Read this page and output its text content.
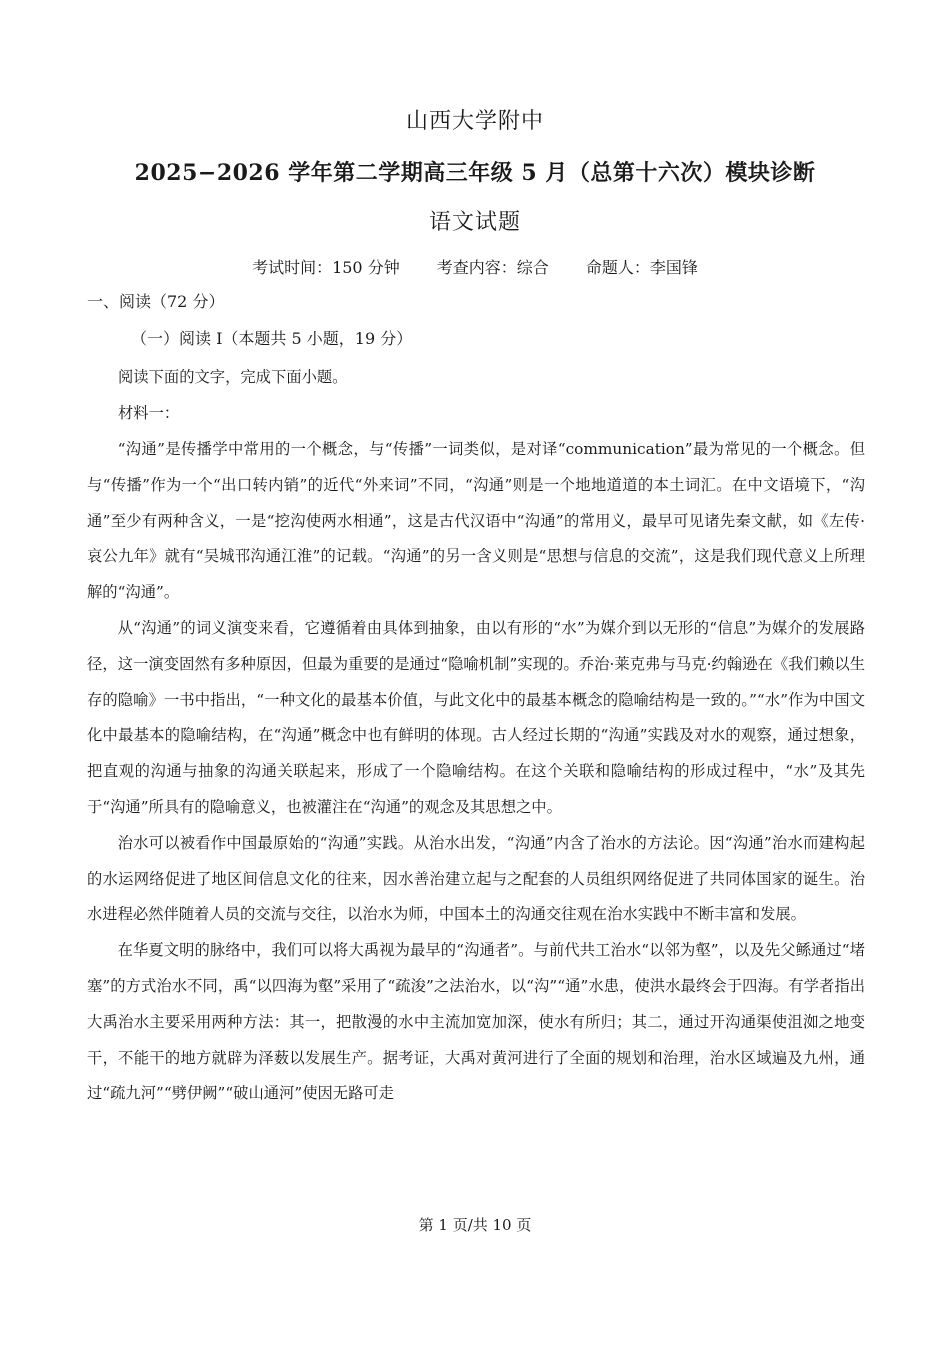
山西大学附中
2025−2026 学年第二学期高三年级 5 月（总第十六次）模块诊断
语文试题
考试时间：150 分钟 考查内容：综合 命题人：李国锋
一、阅读（72 分）
（一）阅读 I（本题共 5 小题，19 分）
阅读下面的文字，完成下面小题。
材料一：

“沟通”是传播学中常用的一个概念，与“传播”一词类似，是对译“communication”最为常见的一个概念。但与“传播”作为一个“出口转内销”的近代“外来词”不同，“沟通”则是一个地地道道的本土词汇。在中文语境下，“沟通”至少有两种含义，一是“挖沟使两水相通”，这是古代汉语中“沟通”的常用义，最早可见诸先秦文献，如《左传·哀公九年》就有“吴城邗沟通江淮”的记载。“沟通”的另一含义则是“思想与信息的交流”，这是我们现代意义上所理解的“沟通”。

从“沟通”的词义演变来看，它遵循着由具体到抽象，由以有形的“水”为媒介到以无形的“信息”为媒介的发展路径，这一演变固然有多种原因，但最为重要的是通过“隐喻机制”实现的。乔治·莱克弗与马克·约翰逊在《我们赖以生存的隐喻》一书中指出，“一种文化的最基本价值，与此文化中的最基本概念的隐喻结构是一致的。”“水”作为中国文化中最基本的隐喻结构，在“沟通”概念中也有鲜明的体现。古人经过长期的“沟通”实践及对水的观察，通过想象，把直观的沟通与抽象的沟通关联起来，形成了一个隐喻结构。在这个关联和隐喻结构的形成过程中，“水”及其先于“沟通”所具有的隐喻意义，也被灌注在“沟通”的观念及其思想之中。

治水可以被看作中国最原始的“沟通”实践。从治水出发，“沟通”内含了治水的方法论。因“沟通”治水而建构起的水运网络促进了地区间信息文化的往来，因水善治建立起与之配套的人员组织网络促进了共同体国家的诞生。治水进程必然伴随着人员的交流与交往，以治水为师，中国本土的沟通交往观在治水实践中不断丰富和发展。

在华夏文明的脉络中，我们可以将大禹视为最早的“沟通者”。与前代共工治水“以邻为壑”，以及先父鲧通过“堵塞”的方式治水不同，禹“以四海为壑”采用了“疏浚”之法治水，以“沟”“通”水患，使洪水最终会于四海。有学者指出大禹治水主要采用两种方法：其一，把散漫的水中主流加宽加深，使水有所归；其二，通过开沟通渠使沮洳之地变干，不能干的地方就辟为泽薮以发展生产。据考证，大禹对黄河进行了全面的规划和治理，治水区域遍及九州，通过“疏九河”“劈伊阙”“破山通河”使因无路可走

第 1 页/共 10 页
